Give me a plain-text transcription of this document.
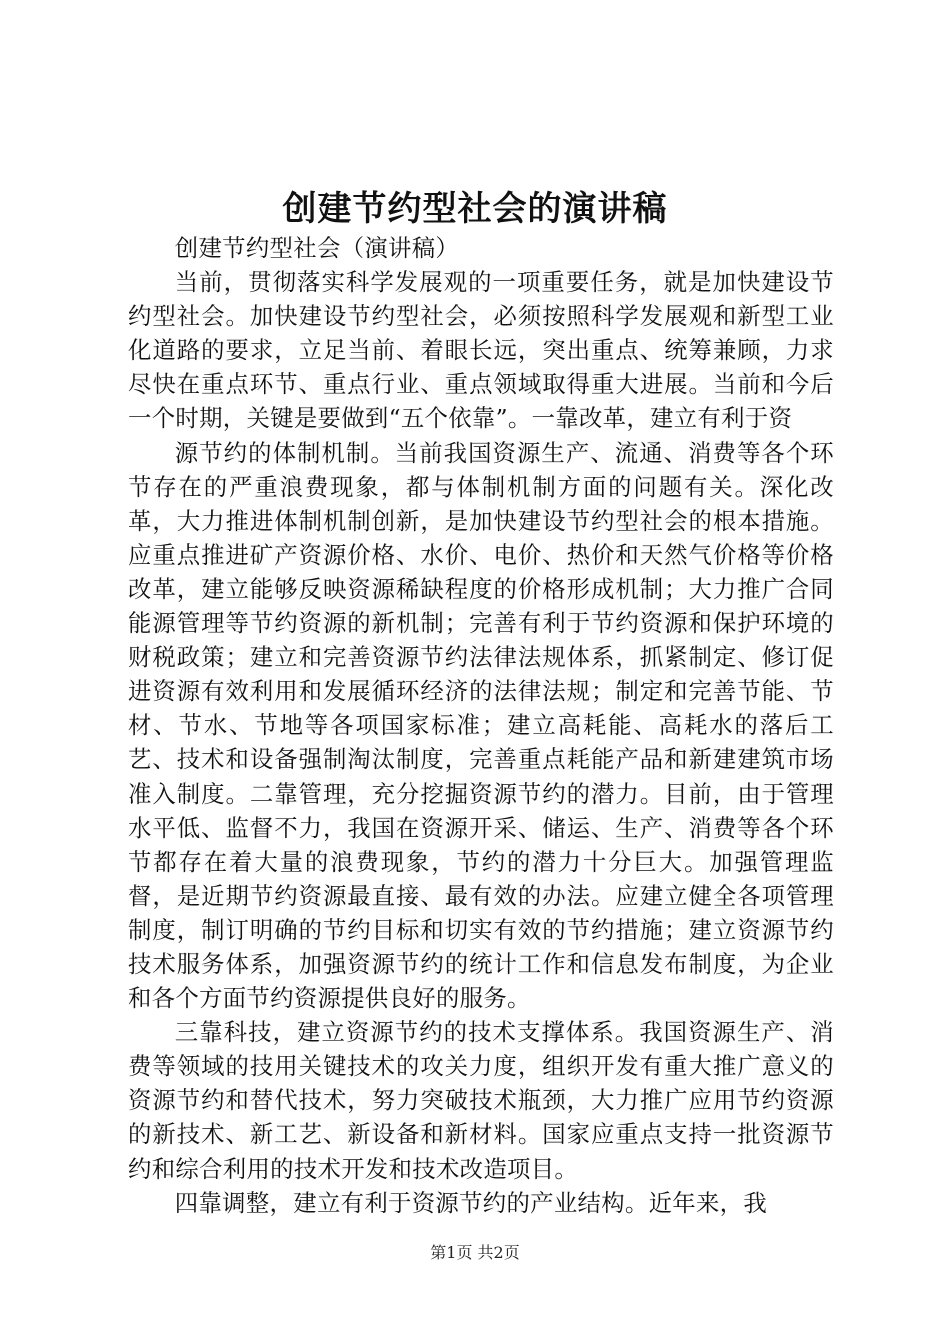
创建节约型社会的演讲稿

创建节约型社会（演讲稿）

当前，贯彻落实科学发展观的一项重要任务，就是加快建设节约型社会。加快建设节约型社会，必须按照科学发展观和新型工业化道路的要求，立足当前、着眼长远，突出重点、统筹兼顾，力求尽快在重点环节、重点行业、重点领域取得重大进展。当前和今后一个时期，关键是要做到“五个依靠”。一靠改革，建立有利于资

源节约的体制机制。当前我国资源生产、流通、消费等各个环节存在的严重浪费现象，都与体制机制方面的问题有关。深化改革，大力推进体制机制创新，是加快建设节约型社会的根本措施。应重点推进矿产资源价格、水价、电价、热价和天然气价格等价格改革，建立能够反映资源稀缺程度的价格形成机制；大力推广合同能源管理等节约资源的新机制；完善有利于节约资源和保护环境的财税政策；建立和完善资源节约法律法规体系，抓紧制定、修订促进资源有效利用和发展循环经济的法律法规；制定和完善节能、节材、节水、节地等各项国家标准；建立高耗能、高耗水的落后工艺、技术和设备强制淘汰制度，完善重点耗能产品和新建建筑市场准入制度。二靠管理，充分挖掘资源节约的潜力。目前，由于管理水平低、监督不力，我国在资源开采、储运、生产、消费等各个环节都存在着大量的浪费现象，节约的潜力十分巨大。加强管理监督，是近期节约资源最直接、最有效的办法。应建立健全各项管理制度，制订明确的节约目标和切实有效的节约措施；建立资源节约技术服务体系，加强资源节约的统计工作和信息发布制度，为企业和各个方面节约资源提供良好的服务。

三靠科技，建立资源节约的技术支撑体系。我国资源生产、消费等领域的技用关键技术的攻关力度，组织开发有重大推广意义的资源节约和替代技术，努力突破技术瓶颈，大力推广应用节约资源的新技术、新工艺、新设备和新材料。国家应重点支持一批资源节约和综合利用的技术开发和技术改造项目。

四靠调整，建立有利于资源节约的产业结构。近年来，我

第1页 共2页
